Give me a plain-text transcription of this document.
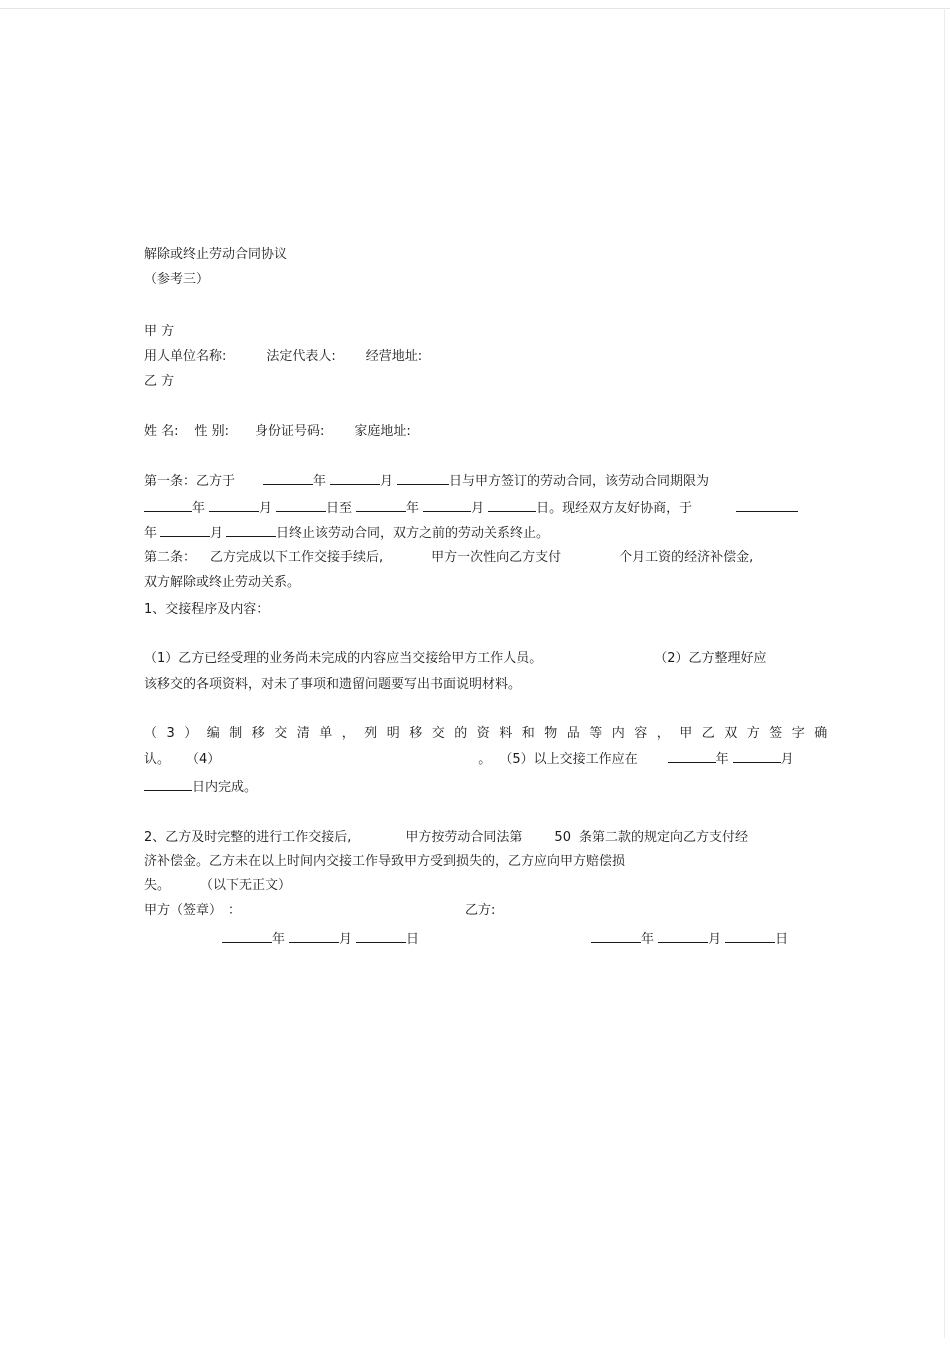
解除或终止劳动合同协议
（参考三）
甲 方
用人单位名称:	法定代表人: 经营地址:
乙 方
姓 名: 性 别: 身份证号码: 家庭地址:
第一条：乙方于	年	月	日与甲方签订的劳动合同，该劳动合同期限为
年	月	日至	年	月	日。现经双方友好协商，于
年	月	日终止该劳动合同，双方之前的劳动关系终止。
第二条： 乙方完成以下工作交接手续后,	甲方一次性向乙方支付	个月工资的经济补偿金,
双方解除或终止劳动关系。
1、交接程序及内容：
（1）乙方已经受理的业务尚未完成的内容应当交接给甲方工作人员。	（2）乙方整理好应
该移交的各项资料，对未了事项和遗留问题要写出书面说明材料。
（3）编制移交清单，列明移交的资料和物品等内容，甲乙双方签字确
认。 （4）	。 （5）以上交接工作应在	年	月
日内完成。
2、乙方及时完整的进行工作交接后,	甲方按劳动合同法第 50 条第二款的规定向乙方支付经
济补偿金。乙方未在以上时间内交接工作导致甲方受到损失的，乙方应向甲方赔偿损
失。 （以下无正文）
甲方（签章） ：	乙方:
年	月	日	年	月	日
